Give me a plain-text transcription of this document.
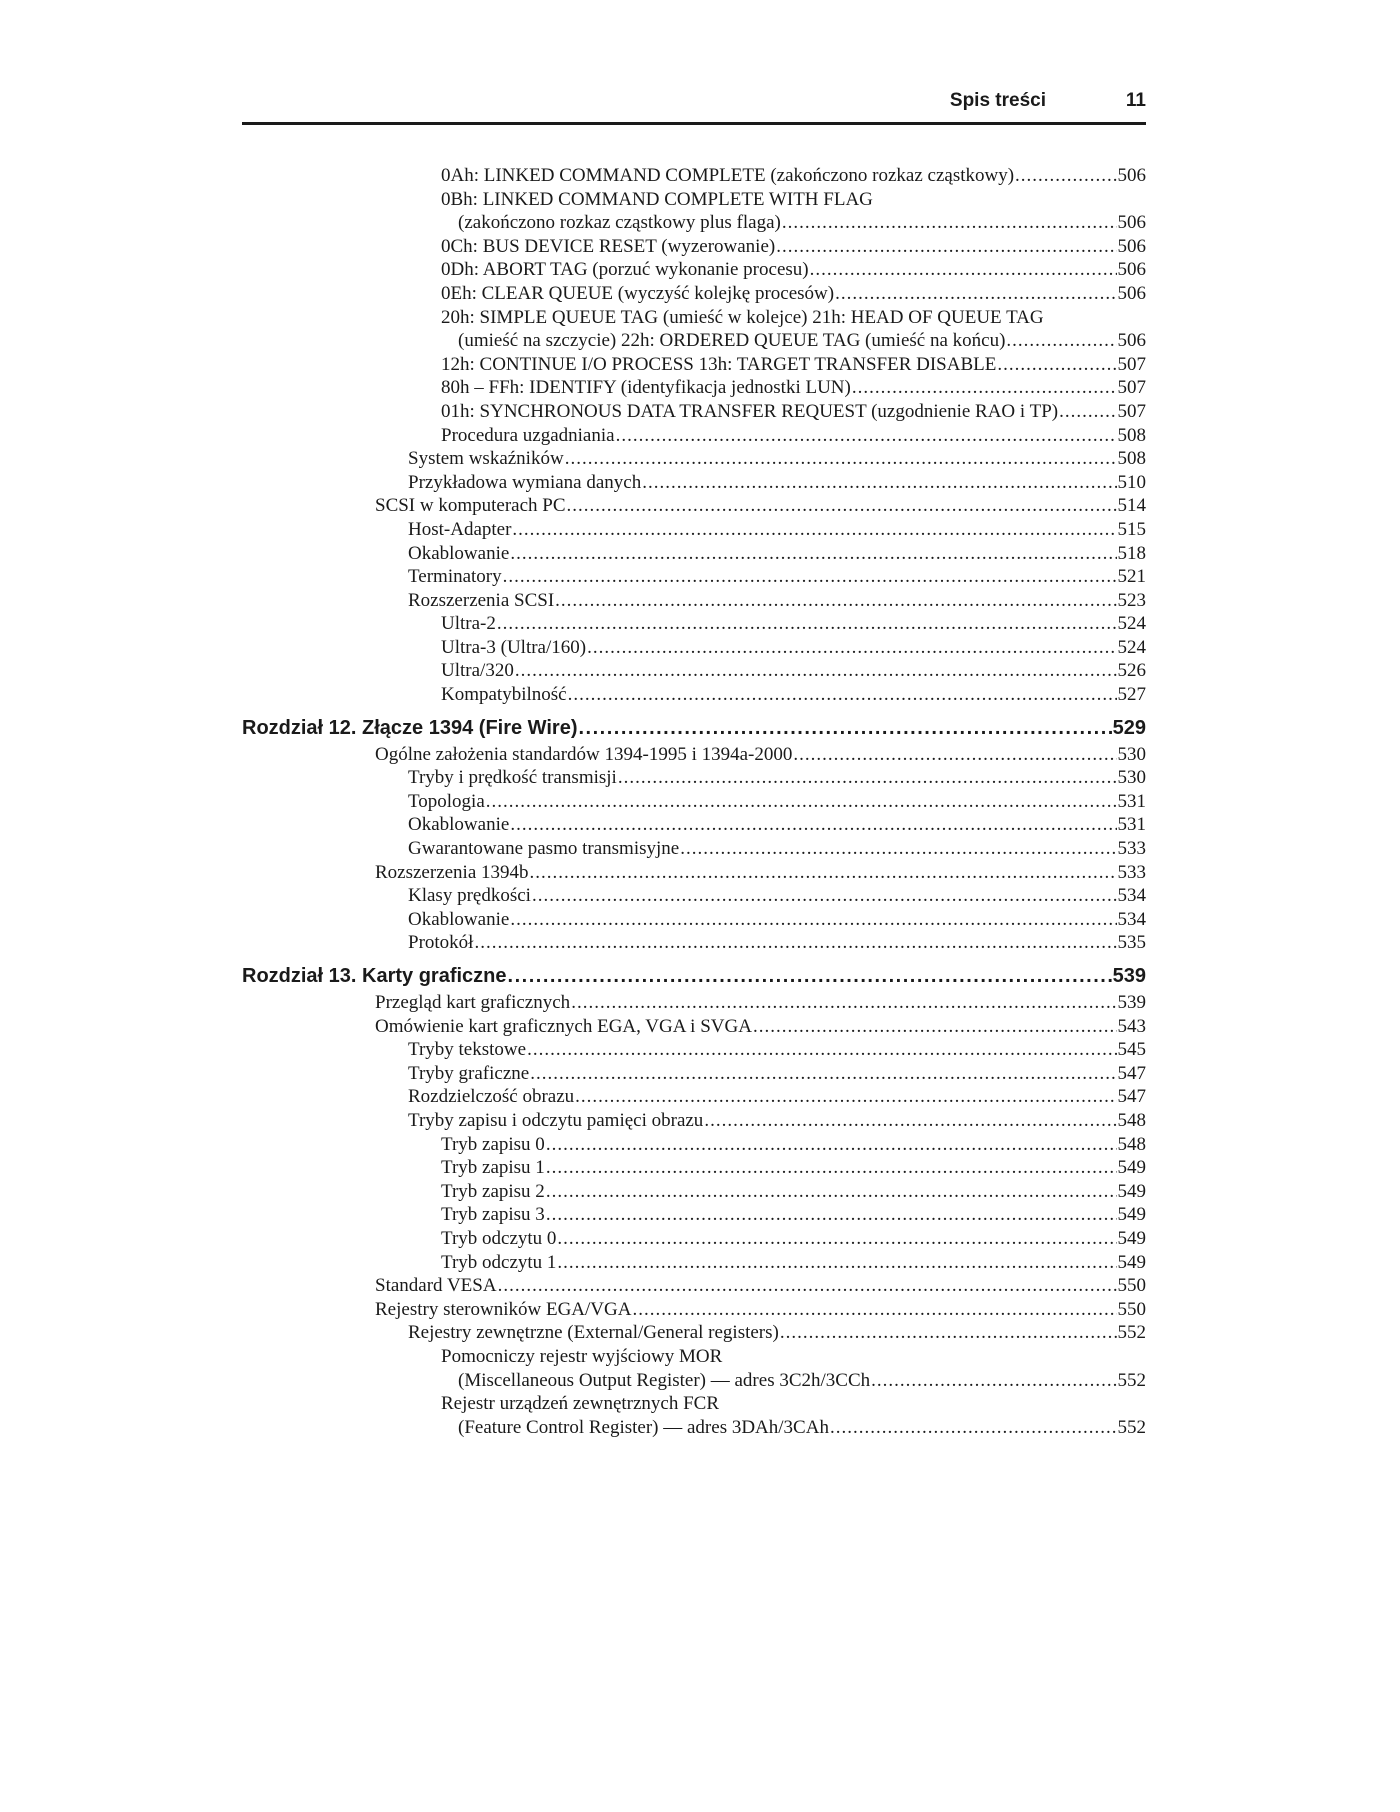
Spis treści	11
0Ah: LINKED COMMAND COMPLETE (zakończono rozkaz cząstkowy) .....	506
0Bh: LINKED COMMAND COMPLETE WITH FLAG
(zakończono rozkaz cząstkowy plus flaga) .....	506
0Ch: BUS DEVICE RESET (wyzerowanie) .....	506
0Dh: ABORT TAG (porzuć wykonanie procesu) .....	506
0Eh: CLEAR QUEUE (wyczyść kolejkę procesów) .....	506
20h: SIMPLE QUEUE TAG (umieść w kolejce) 21h: HEAD OF QUEUE TAG
(umieść na szczycie) 22h: ORDERED QUEUE TAG (umieść na końcu) .....	506
12h: CONTINUE I/O PROCESS 13h: TARGET TRANSFER DISABLE .....	507
80h – FFh: IDENTIFY (identyfikacja jednostki LUN) .....	507
01h: SYNCHRONOUS DATA TRANSFER REQUEST (uzgodnienie RAO i TP) .....	507
Procedura uzgadniania .....	508
System wskaźników .....	508
Przykładowa wymiana danych .....	510
SCSI w komputerach PC .....	514
Host-Adapter .....	515
Okablowanie .....	518
Terminatory .....	521
Rozszerzenia SCSI .....	523
Ultra-2 .....	524
Ultra-3 (Ultra/160) .....	524
Ultra/320 .....	526
Kompatybilność .....	527
Rozdział 12. Złącze 1394 (Fire Wire) .....	529
Ogólne założenia standardów 1394-1995 i 1394a-2000 .....	530
Tryby i prędkość transmisji .....	530
Topologia .....	531
Okablowanie .....	531
Gwarantowane pasmo transmisyjne .....	533
Rozszerzenia 1394b .....	533
Klasy prędkości .....	534
Okablowanie .....	534
Protokół .....	535
Rozdział 13. Karty graficzne .....	539
Przegląd kart graficznych .....	539
Omówienie kart graficznych EGA, VGA i SVGA .....	543
Tryby tekstowe .....	545
Tryby graficzne .....	547
Rozdzielczość obrazu .....	547
Tryby zapisu i odczytu pamięci obrazu .....	548
Tryb zapisu 0 .....	548
Tryb zapisu 1 .....	549
Tryb zapisu 2 .....	549
Tryb zapisu 3 .....	549
Tryb odczytu 0 .....	549
Tryb odczytu 1 .....	549
Standard VESA .....	550
Rejestry sterowników EGA/VGA .....	550
Rejestry zewnętrzne (External/General registers) .....	552
Pomocniczy rejestr wyjściowy MOR
(Miscellaneous Output Register) — adres 3C2h/3CCh .....	552
Rejestr urządzeń zewnętrznych FCR
(Feature Control Register) — adres 3DAh/3CAh .....	552
